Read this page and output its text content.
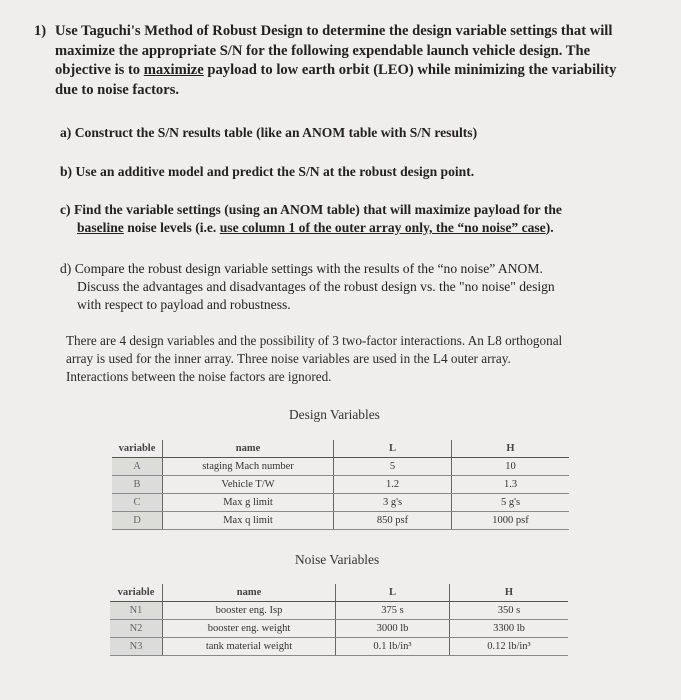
1) Use Taguchi's Method of Robust Design to determine the design variable settings that will
maximize the appropriate S/N for the following expendable launch vehicle design. The
objective is to maximize payload to low earth orbit (LEO) while minimizing the variability
due to noise factors.
a) Construct the S/N results table (like an ANOM table with S/N results)
b) Use an additive model and predict the S/N at the robust design point.
c) Find the variable settings (using an ANOM table) that will maximize payload for the
baseline noise levels (i.e. use column 1 of the outer array only, the “no noise” case).
d) Compare the robust design variable settings with the results of the “no noise” ANOM.
Discuss the advantages and disadvantages of the robust design vs. the "no noise" design
with respect to payload and robustness.
There are 4 design variables and the possibility of 3 two-factor interactions. An L8 orthogonal
array is used for the inner array. Three noise variables are used in the L4 outer array.
Interactions between the noise factors are ignored.
Design Variables
variable	name	L	H
A	staging Mach number	5	10
B	Vehicle T/W	1.2	1.3
C	Max g limit	3 g's	5 g's
D	Max q limit	850 psf	1000 psf
Noise Variables
variable	name	L	H
N1	booster eng. Isp	375 s	350 s
N2	booster eng. weight	3000 lb	3300 lb
N3	tank material weight	0.1 lb/in³	0.12 lb/in³
